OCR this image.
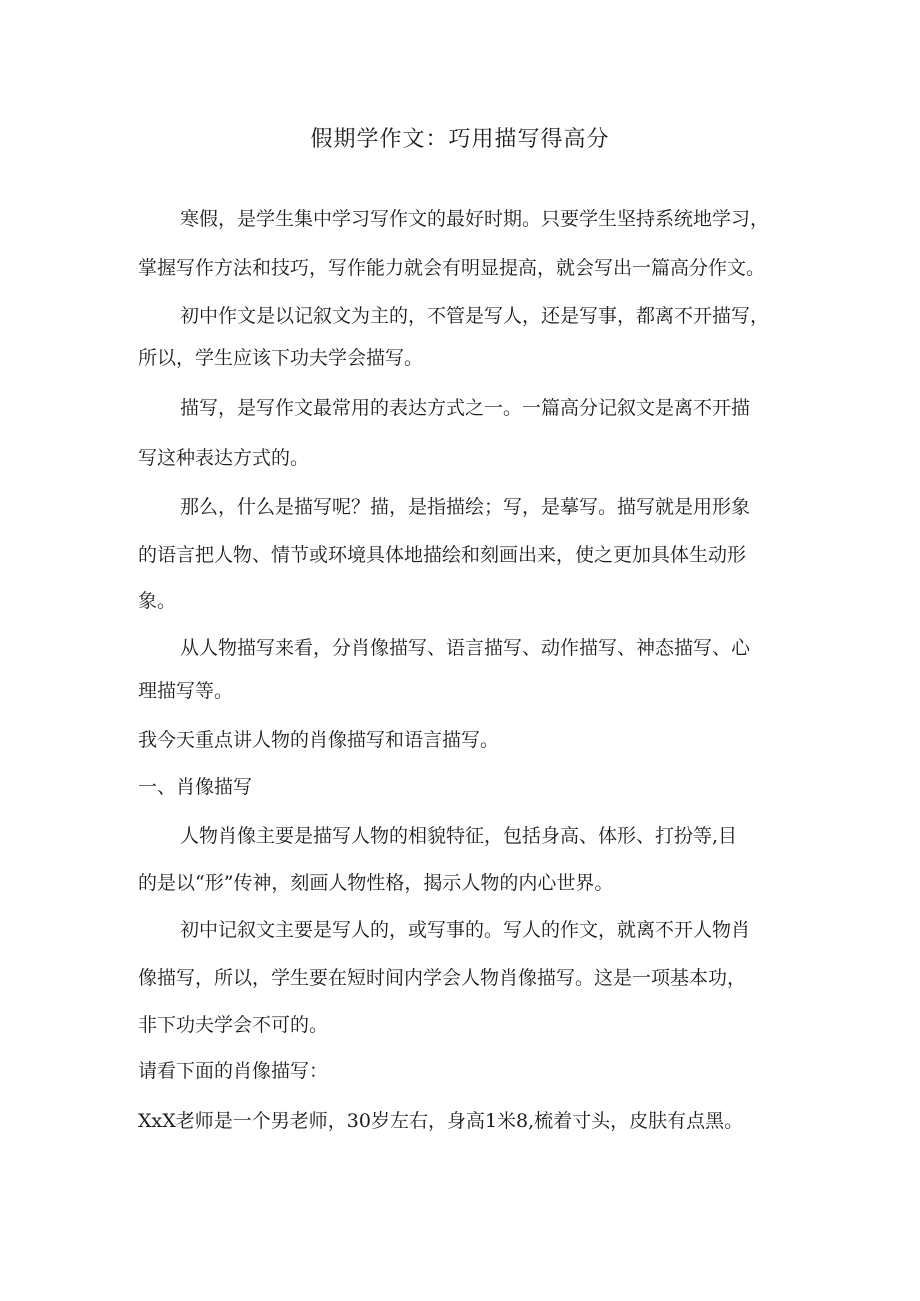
假期学作文：巧用描写得高分
寒假，是学生集中学习写作文的最好时期。只要学生坚持系统地学习，
掌握写作方法和技巧，写作能力就会有明显提高，就会写出一篇高分作文。
初中作文是以记叙文为主的，不管是写人，还是写事，都离不开描写，
所以，学生应该下功夫学会描写。
描写，是写作文最常用的表达方式之一。一篇高分记叙文是离不开描
写这种表达方式的。
那么，什么是描写呢？描，是指描绘；写，是摹写。描写就是用形象
的语言把人物、情节或环境具体地描绘和刻画出来，使之更加具体生动形
象。
从人物描写来看，分肖像描写、语言描写、动作描写、神态描写、心
理描写等。
我今天重点讲人物的肖像描写和语言描写。
一、肖像描写
人物肖像主要是描写人物的相貌特征，包括身高、体形、打扮等,目
的是以“形”传神，刻画人物性格，揭示人物的内心世界。
初中记叙文主要是写人的，或写事的。写人的作文，就离不开人物肖
像描写，所以，学生要在短时间内学会人物肖像描写。这是一项基本功，
非下功夫学会不可的。
请看下面的肖像描写：
XxX老师是一个男老师，30岁左右，身高1米8,梳着寸头，皮肤有点黑。
